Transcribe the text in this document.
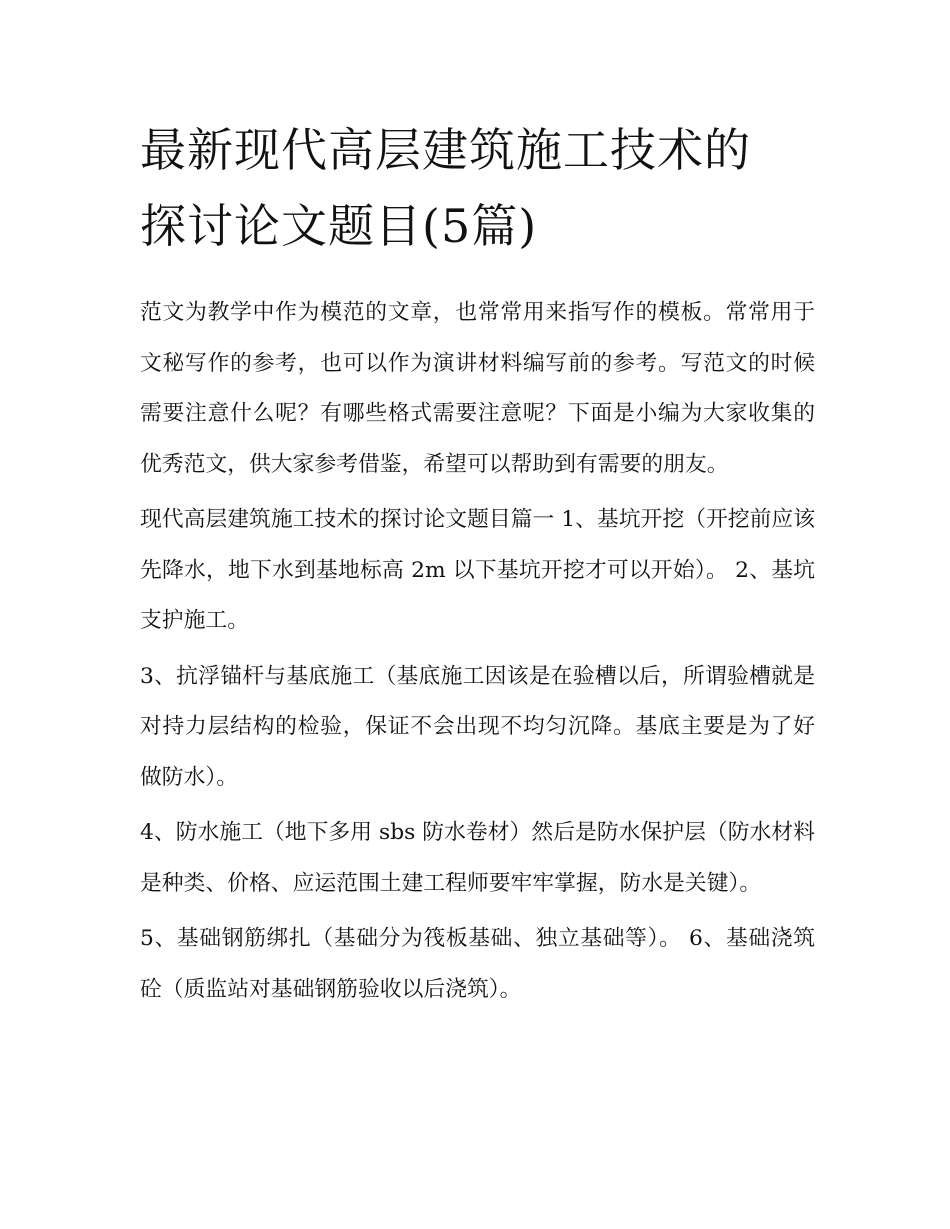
最新现代高层建筑施工技术的
探讨论文题目(5篇)

范文为教学中作为模范的文章，也常常用来指写作的模板。常常用于文秘写作的参考，也可以作为演讲材料编写前的参考。写范文的时候需要注意什么呢？有哪些格式需要注意呢？下面是小编为大家收集的优秀范文，供大家参考借鉴，希望可以帮助到有需要的朋友。

现代高层建筑施工技术的探讨论文题目篇一 1、基坑开挖（开挖前应该先降水，地下水到基地标高 2m 以下基坑开挖才可以开始）。 2、基坑支护施工。

3、抗浮锚杆与基底施工（基底施工因该是在验槽以后，所谓验槽就是对持力层结构的检验，保证不会出现不均匀沉降。基底主要是为了好做防水）。

4、防水施工（地下多用 sbs 防水卷材）然后是防水保护层（防水材料是种类、价格、应运范围土建工程师要牢牢掌握，防水是关键）。

5、基础钢筋绑扎（基础分为筏板基础、独立基础等）。 6、基础浇筑砼（质监站对基础钢筋验收以后浇筑）。
